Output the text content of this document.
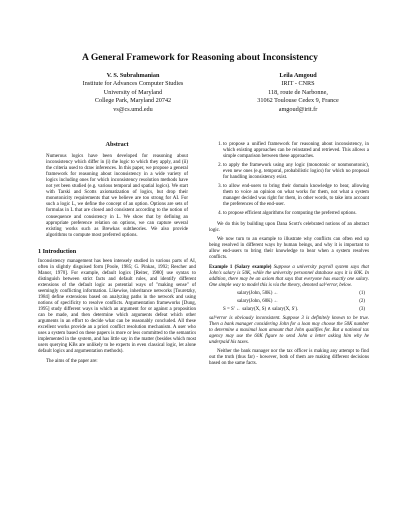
A General Framework for Reasoning about Inconsistency
V. S. Subrahmanian
Institute for Advances Computer Studies
University of Maryland
College Park, Maryland 20742
vs@cs.umd.edu
Leila Amgoud
IRIT - CNRS
118, route de Narbonne,
31062 Toulouse Cedex 9, France
amgoud@irit.fr
Abstract

Numerous logics have been developed for reasoning about inconsistency which differ in (i) the logic to which they apply, and (ii) the criteria used to draw inferences. In this paper, we propose a general framework for reasoning about inconsistency in a wide variety of logics including ones for which inconsistency resolution methods have not yet been studied (e.g. various temporal and spatial logics). We start with Tarski and Scotts axiomatization of logics, but drop their monotonicity requirements that we believe are too strong for AI. For such a logic L, we define the concept of an option. Options are sets of formulas in L that are closed and consistent according to the notion of consequence and consistency in L. We show that by defining an appropriate preference relation on options, we can capture several existing works such as Brewkas subtheories. We also provide algorithms to compute most preferred options.

1 Introduction

Inconsistency management has been intensely studied in various parts of AI, often in slightly disguised form [Poole, 1985; G. Pinkas, 1992; Rescher and Manor, 1970]. For example, default logics [Reiter, 1980] use syntax to distinguish between strict facts and default rules, and identify different extensions of the default logic as potential ways of "making sense" of seemingly conflicting information. Likewise, inheritance networks [Touretzky, 1984] define extensions based on analyzing paths in the network and using notions of specificity to resolve conflicts. Argumentation frameworks [Dung, 1995] study different ways in which an argument for or against a proposition can be made, and then determine which arguments defeat which other arguments in an effort to decide what can be reasonably concluded. All these excellent works provide an a priori conflict resolution mechanism. A user who uses a system based on these papers is more or less committed to the semantics implemented in the system, and has little say in the matter (besides which most users querying KBs are unlikely to be experts in even classical logic, let alone default logics and argumentation methods).

The aims of the paper are:

1. to propose a unified framework for reasoning about inconsistency, in which existing approaches can be reinstated and retrieved. This allows a simple comparison between these approaches.
2. to apply the framework using any logic (monotonic or nonmonotonic), even new ones (e.g. temporal, probabilistic logics) for which no proposal for handling inconsistency exist.
3. to allow end-users to bring their domain knowledge to bear, allowing them to voice an opinion on what works for them, not what a system manager decided was right for them, in other words, to take into account the preferences of the end-user.
4. to propose efficient algorithms for computing the preferred options.

We do this by building upon Dana Scott's celebrated notions of an abstract logic.

We now turn to an example to illustrate why conflicts can often end up being resolved in different ways by human beings, and why it is important to allow end-users to bring their knowledge to bear when a system resolves conflicts.

Example 1 (Salary example) Suppose a university payroll system says that John's salary is 50K, while the university personnel database says it is 60K. In addition, there may be an axiom that says that everyone has exactly one salary. One simple way to model this is via the theory, denoted sal^error, below.

salary(John, 50K) ←	(1)
salary(John, 60K) ←	(2)
S = S′ ← salary(X, S) ∧ salary(X, S′).	(3)

sal^error is obviously inconsistent. Suppose 3 is definitely known to be true. Then a bank manager considering John for a loan may choose the 50K number to determine a maximal loan amount that John qualifies for. But a national tax agency may use the 60K figure to send John a letter asking him why he underpaid his taxes.

Neither the bank manager nor the tax officer is making any attempt to find out the truth (thus far) - however, both of them are making different decisions based on the same facts.
